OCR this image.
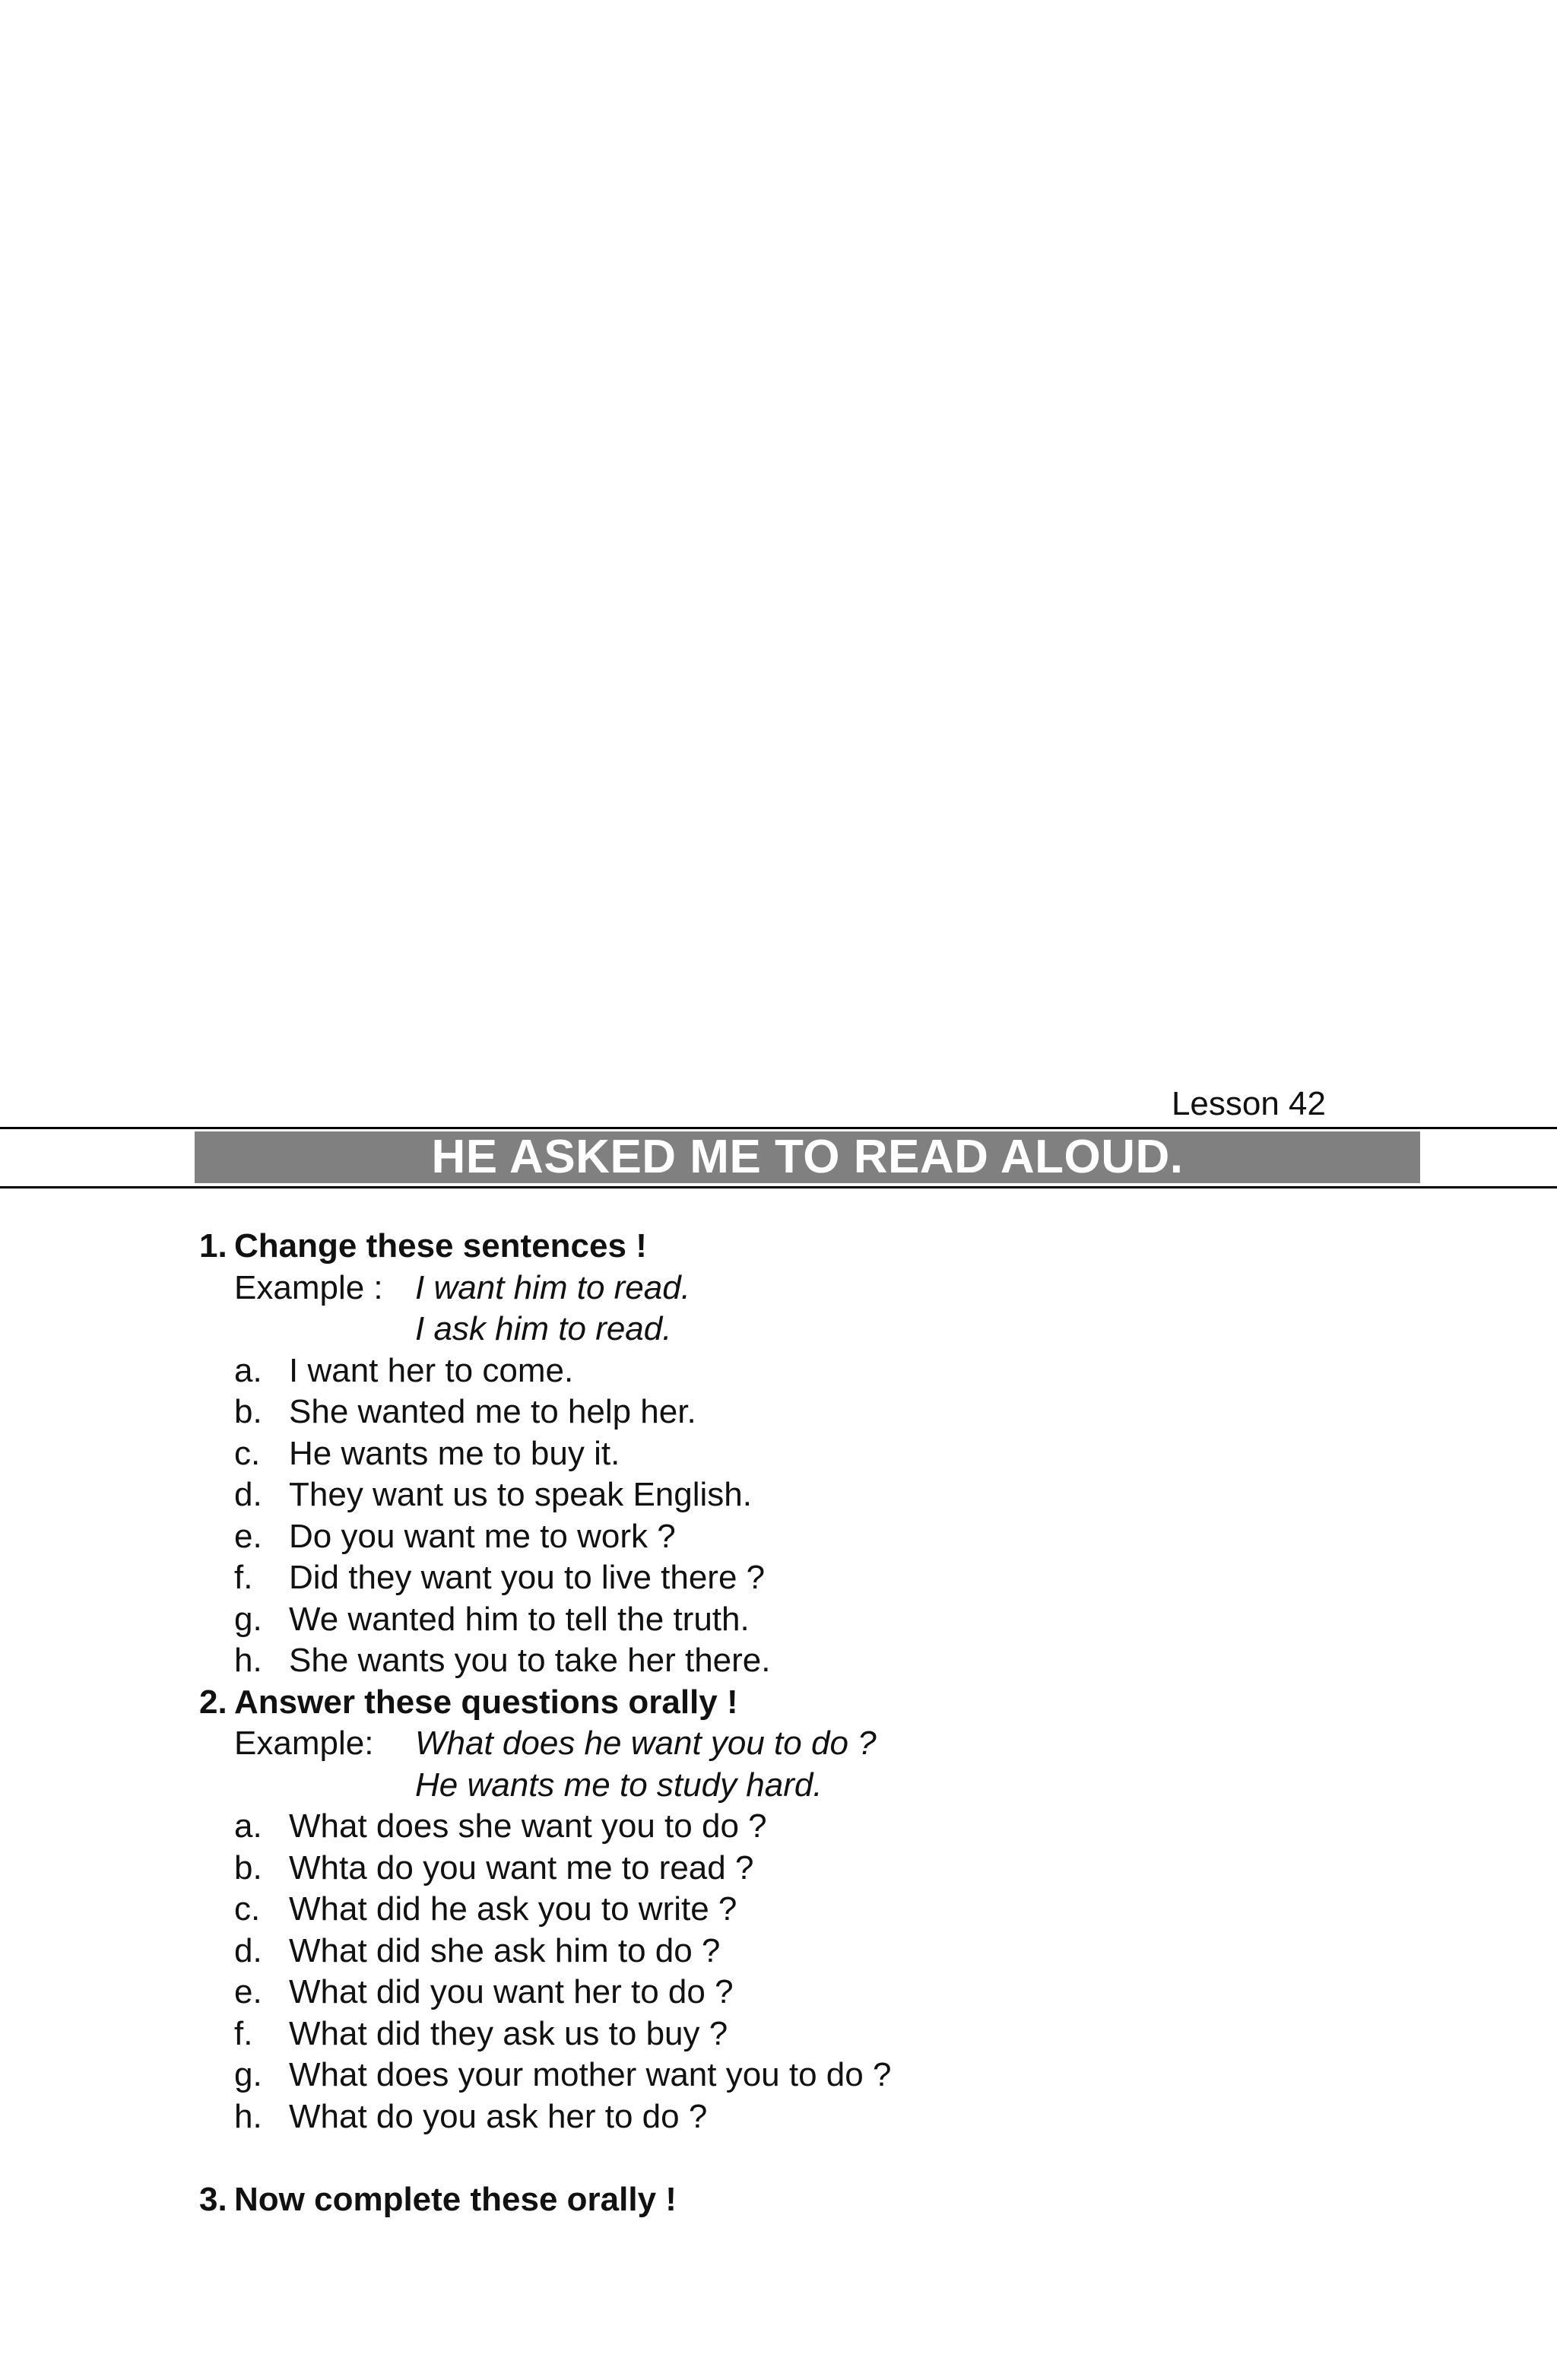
Lesson 42
HE ASKED ME TO READ ALOUD.
1. Change these sentences !
Example : I want him to read.
I ask him to read.
a. I want her to come.
b. She wanted me to help her.
c. He wants me to buy it.
d. They want us to speak English.
e. Do you want me to work ?
f. Did they want you to live there ?
g. We wanted him to tell the truth.
h. She wants you to take her there.
2. Answer these questions orally !
Example: What does he want you to do ?
He wants me to study hard.
a. What does she want you to do ?
b. Whta do you want me to read ?
c. What did he ask you to write ?
d. What did she ask him to do ?
e. What did you want her to do ?
f. What did they ask us to buy ?
g. What does your mother want you to do ?
h. What do you ask her to do ?
3. Now complete these orally !
